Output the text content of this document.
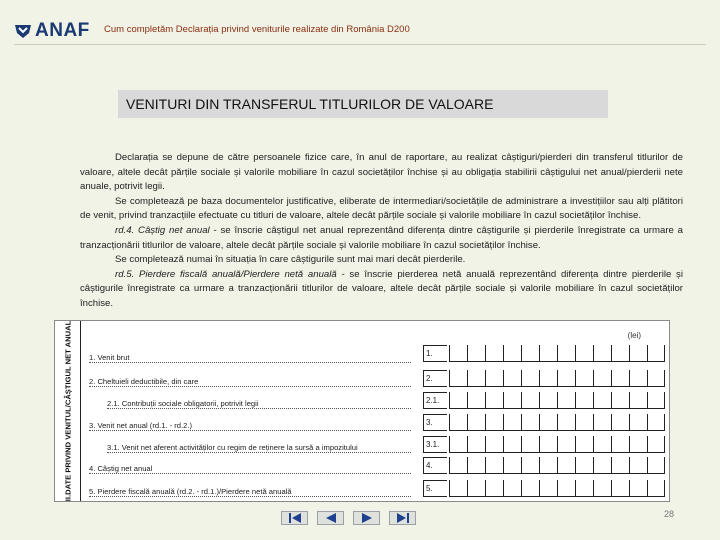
ANAF Cum completăm Declarația privind veniturile realizate din România D200
VENITURI DIN TRANSFERUL TITLURILOR DE VALOARE

Declarația se depune de către persoanele fizice care, în anul de raportare, au realizat câștiguri/pierderi din transferul titlurilor de valoare, altele decât părțile sociale și valorile mobiliare în cazul societăților închise și au obligația stabilirii câștigului net anual/pierderii nete anuale, potrivit legii.

Se completează pe baza documentelor justificative, eliberate de intermediari/societățile de administrare a investițiilor sau alți plătitori de venit, privind tranzacțiile efectuate cu titluri de valoare, altele decât părțile sociale și valorile mobiliare în cazul societăților închise.

rd.4. Câștig net anual - se înscrie câștigul net anual reprezentând diferența dintre câștigurile și pierderile înregistrate ca urmare a tranzacționării titlurilor de valoare, altele decât părțile sociale și valorile mobiliare în cazul societăților închise.

Se completează numai în situația în care câștigurile sunt mai mari decât pierderile.

rd.5. Pierdere fiscală anuală/Pierdere netă anuală - se înscrie pierderea netă anuală reprezentând diferența dintre pierderile și câștigurile înregistrate ca urmare a tranzacționării titlurilor de valoare, altele decât părțile sociale și valorile mobiliare în cazul societăților închise.

II.DATE PRIVIND VENITUL/CÂȘTIGUL NET ANUAL	(lei)
1. Venit brut	1.
2. Cheltuieli deductibile, din care	2.
2.1. Contribuții sociale obligatorii, potrivit legii	2.1.
3. Venit net anual (rd.1. - rd.2.)	3.
3.1. Venit net aferent activităților cu regim de reținere la sursă a impozitului	3.1.
4. Câștig net anual	4.
5. Pierdere fiscală anuală (rd.2. - rd.1.)/Pierdere netă anuală	5.
28
